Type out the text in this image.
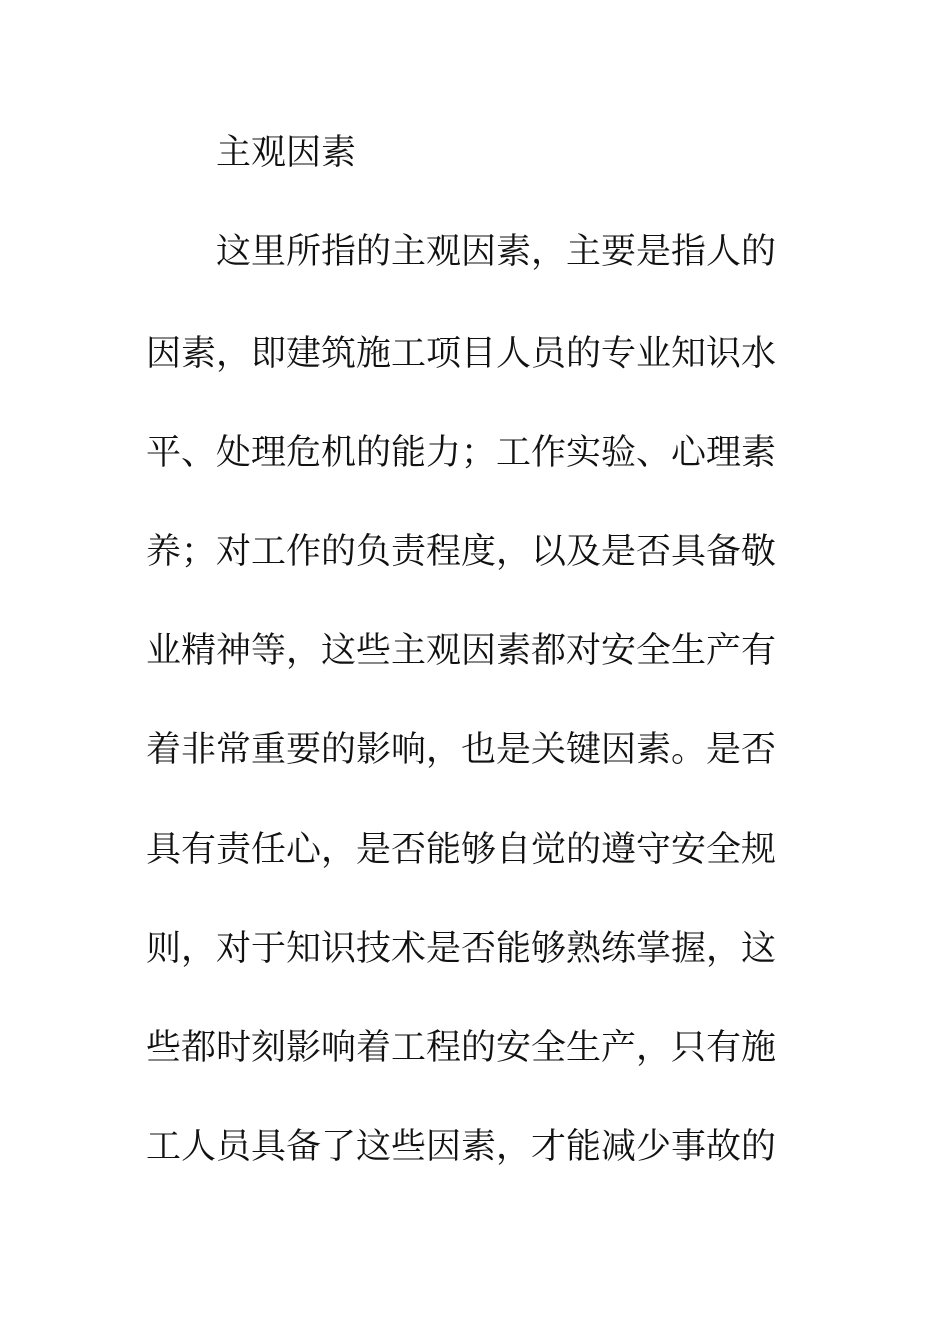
主观因素
这里所指的主观因素，主要是指人的
因素，即建筑施工项目人员的专业知识水
平、处理危机的能力；工作实验、心理素
养；对工作的负责程度，以及是否具备敬
业精神等，这些主观因素都对安全生产有
着非常重要的影响，也是关键因素。是否
具有责任心，是否能够自觉的遵守安全规
则，对于知识技术是否能够熟练掌握，这
些都时刻影响着工程的安全生产，只有施
工人员具备了这些因素，才能减少事故的
